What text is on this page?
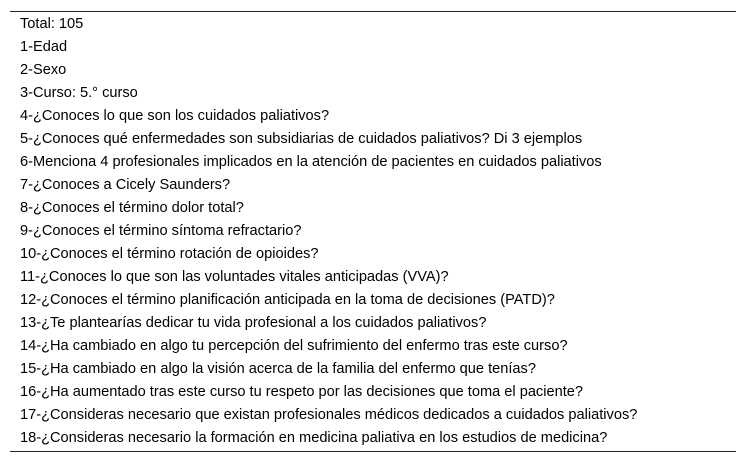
Total: 105
1-Edad
2-Sexo
3-Curso: 5.° curso
4-¿Conoces lo que son los cuidados paliativos?
5-¿Conoces qué enfermedades son subsidiarias de cuidados paliativos? Di 3 ejemplos
6-Menciona 4 profesionales implicados en la atención de pacientes en cuidados paliativos
7-¿Conoces a Cicely Saunders?
8-¿Conoces el término dolor total?
9-¿Conoces el término síntoma refractario?
10-¿Conoces el término rotación de opioides?
11-¿Conoces lo que son las voluntades vitales anticipadas (VVA)?
12-¿Conoces el término planificación anticipada en la toma de decisiones (PATD)?
13-¿Te plantearías dedicar tu vida profesional a los cuidados paliativos?
14-¿Ha cambiado en algo tu percepción del sufrimiento del enfermo tras este curso?
15-¿Ha cambiado en algo la visión acerca de la familia del enfermo que tenías?
16-¿Ha aumentado tras este curso tu respeto por las decisiones que toma el paciente?
17-¿Consideras necesario que existan profesionales médicos dedicados a cuidados paliativos?
18-¿Consideras necesario la formación en medicina paliativa en los estudios de medicina?
